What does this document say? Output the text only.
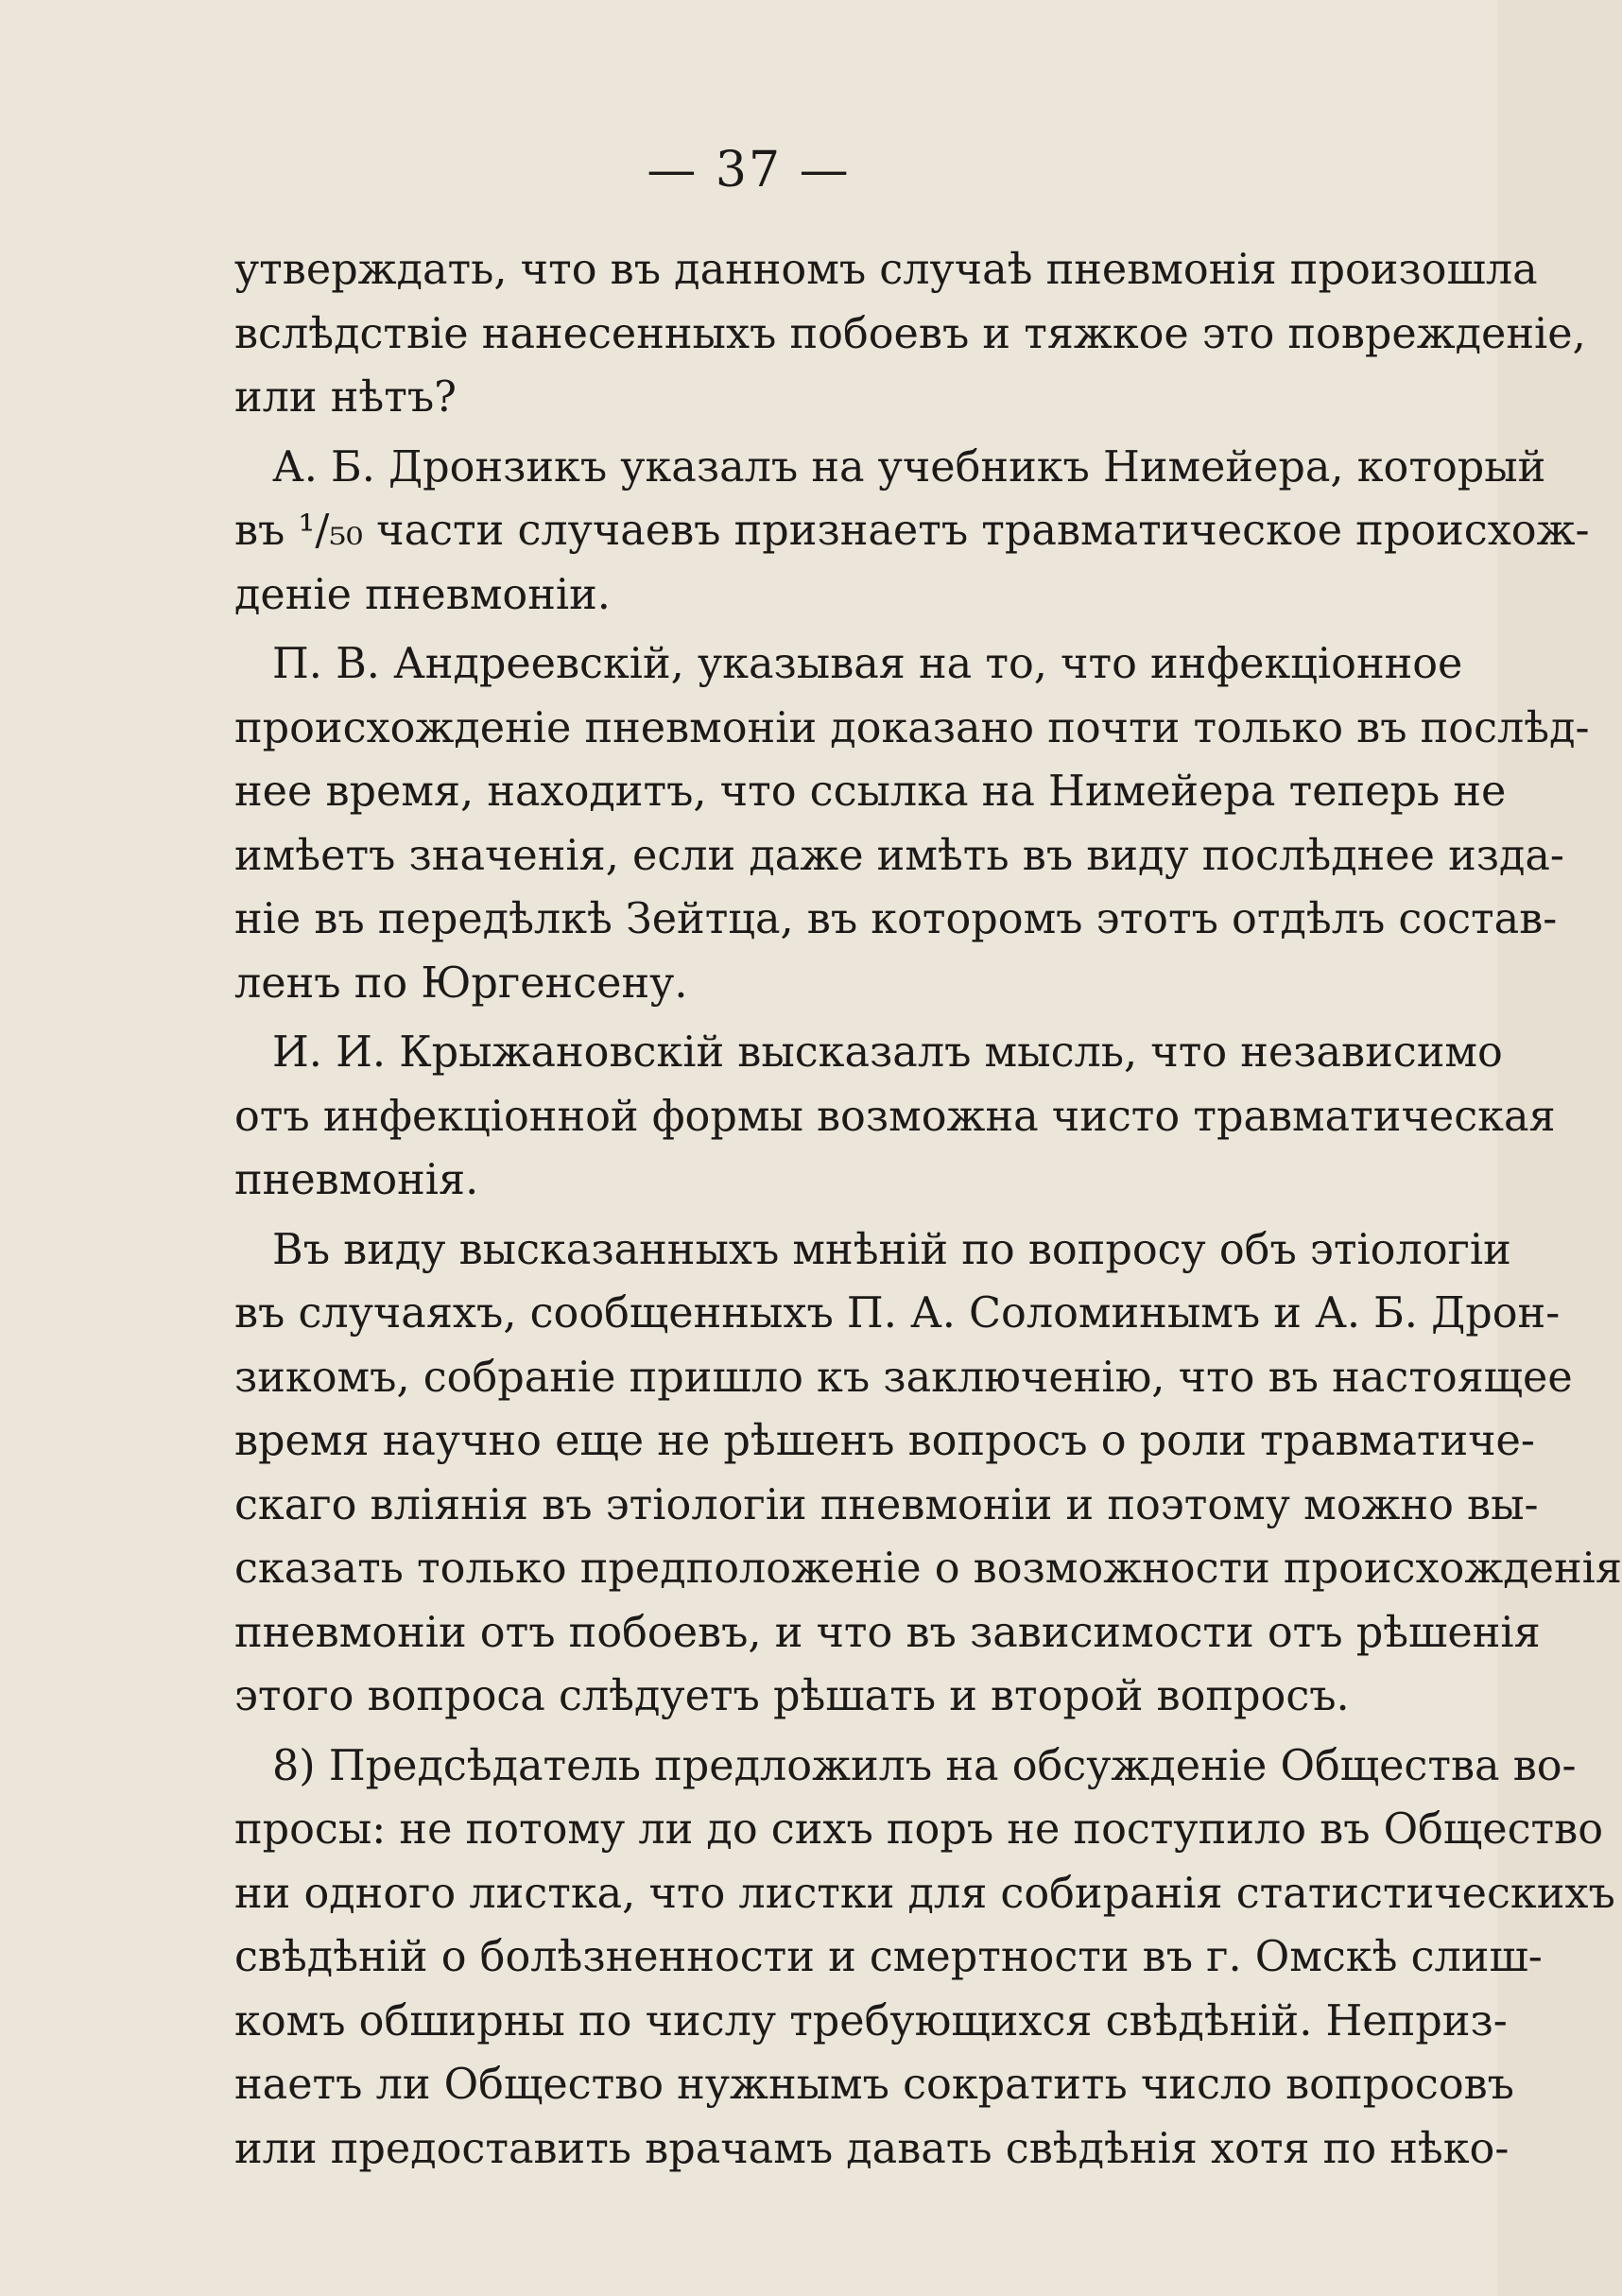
— 37 —
утверждать, что въ данномъ случаѣ пневмонія произошла
вслѣдствіе нанесенныхъ побоевъ и тяжкое это поврежденіе,
или нѣтъ?
А. Б. Дронзикъ указалъ на учебникъ Нимейера, который
въ ¹/₅₀ части случаевъ признаетъ травматическое происхож-
деніе пневмоніи.
П. В. Андреевскій, указывая на то, что инфекціонное
происхожденіе пневмоніи доказано почти только въ послѣд-
нее время, находитъ, что ссылка на Нимейера теперь не
имѣетъ значенія, если даже имѣть въ виду послѣднее изда-
ніе въ передѣлкѣ Зейтца, въ которомъ этотъ отдѣлъ состав-
ленъ по Юргенсену.
И. И. Крыжановскій высказалъ мысль, что независимо
отъ инфекціонной формы возможна чисто травматическая
пневмонія.
Въ виду высказанныхъ мнѣній по вопросу объ этіологіи
въ случаяхъ, сообщенныхъ П. А. Соломинымъ и А. Б. Дрон-
зикомъ, собраніе пришло къ заключенію, что въ настоящее
время научно еще не рѣшенъ вопросъ о роли травматиче-
скаго вліянія въ этіологіи пневмоніи и поэтому можно вы-
сказать только предположеніе о возможности происхожденія
пневмоніи отъ побоевъ, и что въ зависимости отъ рѣшенія
этого вопроса слѣдуетъ рѣшать и второй вопросъ.
8) Предсѣдатель предложилъ на обсужденіе Общества во-
просы: не потому ли до сихъ поръ не поступило въ Общество
ни одного листка, что листки для собиранія статистическихъ
свѣдѣній о болѣзненности и смертности въ г. Омскѣ слиш-
комъ обширны по числу требующихся свѣдѣній. Неприз-
наетъ ли Общество нужнымъ сократить число вопросовъ
или предоставить врачамъ давать свѣдѣнія хотя по нѣко-
